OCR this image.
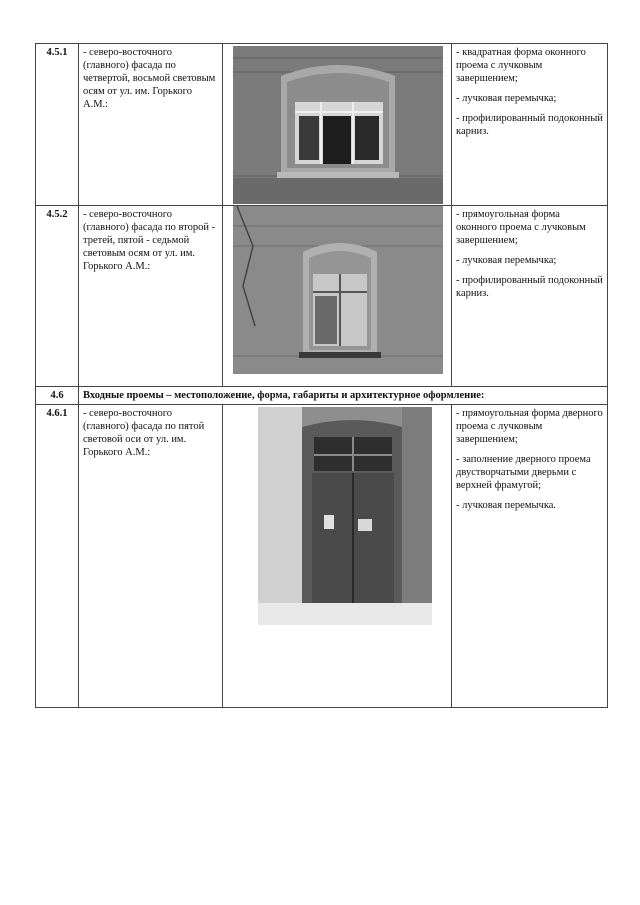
4.5.1	- северо-восточного (главного) фасада по четвертой, восьмой световым осям от ул. им. Горького А.М.:		- квадратная форма оконного проема с лучковым завершением;

- лучковая перемычка;

- профилированный подоконный карниз.

4.5.2	- северо-восточного (главного) фасада по второй - третей, пятой - седьмой световым осям от ул. им. Горького А.М.:		- прямоугольная форма оконного проема с лучковым завершением;

- лучковая перемычка;

- профилированный подоконный карниз.

4.6	Входные проемы – местоположение, форма, габариты и архитектурное оформление:		
4.6.1	- северо-восточного (главного) фасада по пятой световой оси от ул. им. Горького А.М.:		- прямоугольная форма дверного проема с лучковым завершением;

- заполнение дверного проема двустворчатыми дверьми с верхней фрамугой;

- лучковая перемычка.
